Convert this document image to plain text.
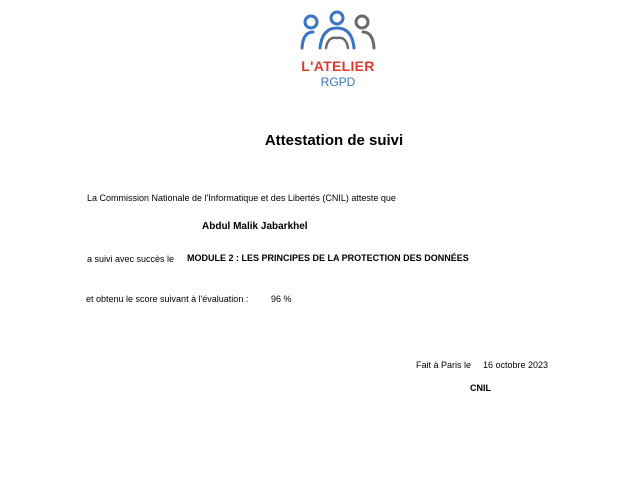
L'ATELIER
RGPD
Attestation de suivi
La Commission Nationale de l'Informatique et des Libertés (CNIL) atteste que
Abdul Malik Jabarkhel
a suivi avec succès le MODULE 2 : LES PRINCIPES DE LA PROTECTION DES DONNÉES
et obtenu le score suivant à l'évaluation :	96 %
Fait à Paris le 16 octobre 2023
CNIL
